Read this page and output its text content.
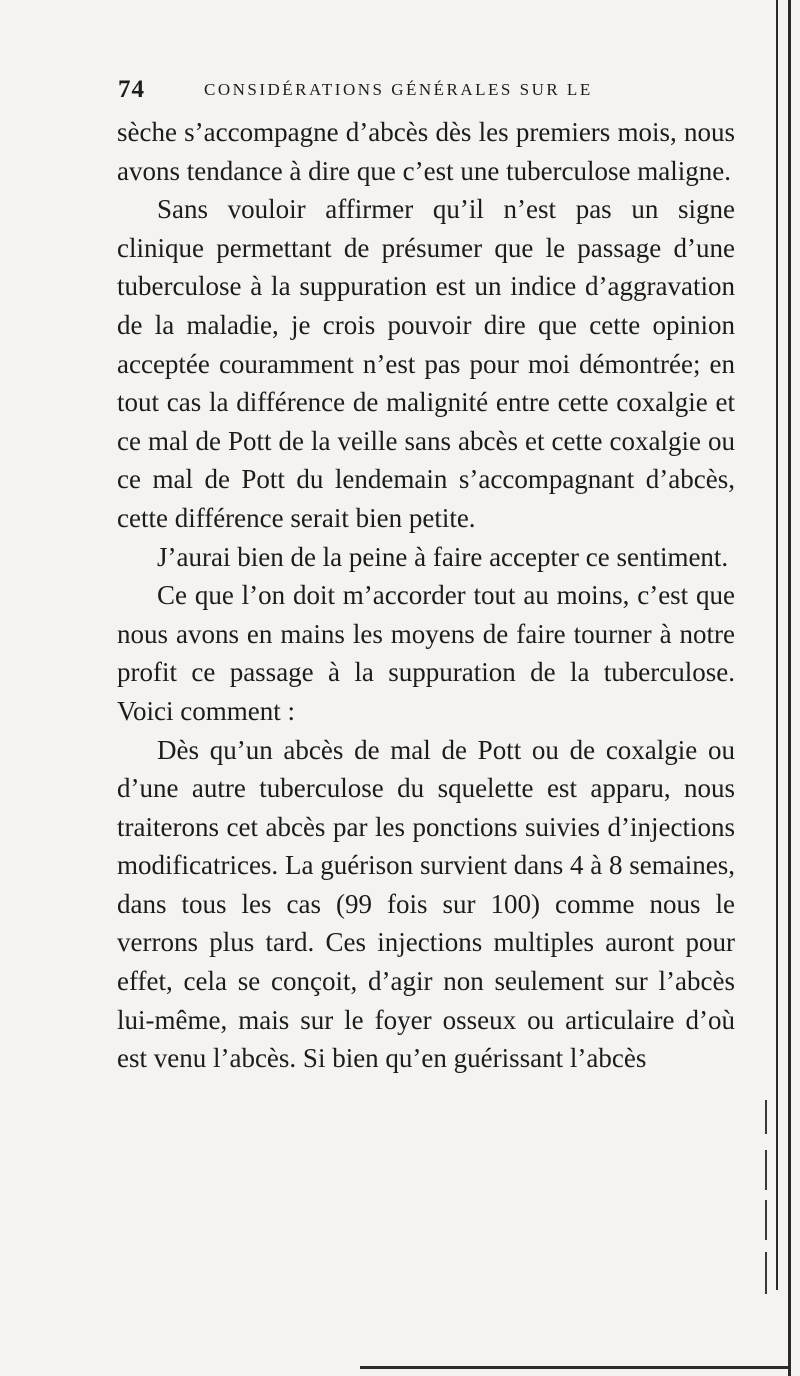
74	CONSIDÉRATIONS GÉNÉRALES SUR LE

sèche s’accompagne d’abcès dès les premiers mois, nous avons tendance à dire que c’est une tuberculose maligne.

Sans vouloir affirmer qu’il n’est pas un signe clinique permettant de présumer que le passage d’une tuberculose à la suppuration est un indice d’aggravation de la maladie, je crois pouvoir dire que cette opinion acceptée couramment n’est pas pour moi démontrée; en tout cas la différence de malignité entre cette coxalgie et ce mal de Pott de la veille sans abcès et cette coxalgie ou ce mal de Pott du lendemain s’accompagnant d’abcès, cette différence serait bien petite.

J’aurai bien de la peine à faire accepter ce sentiment.

Ce que l’on doit m’accorder tout au moins, c’est que nous avons en mains les moyens de faire tourner à notre profit ce passage à la suppuration de la tuberculose. Voici comment :

Dès qu’un abcès de mal de Pott ou de coxalgie ou d’une autre tuberculose du squelette est apparu, nous traiterons cet abcès par les ponctions suivies d’injections modificatrices. La guérison survient dans 4 à 8 semaines, dans tous les cas (99 fois sur 100) comme nous le verrons plus tard. Ces injections multiples auront pour effet, cela se conçoit, d’agir non seulement sur l’abcès lui-même, mais sur le foyer osseux ou articulaire d’où est venu l’abcès. Si bien qu’en guérissant l’abcès
